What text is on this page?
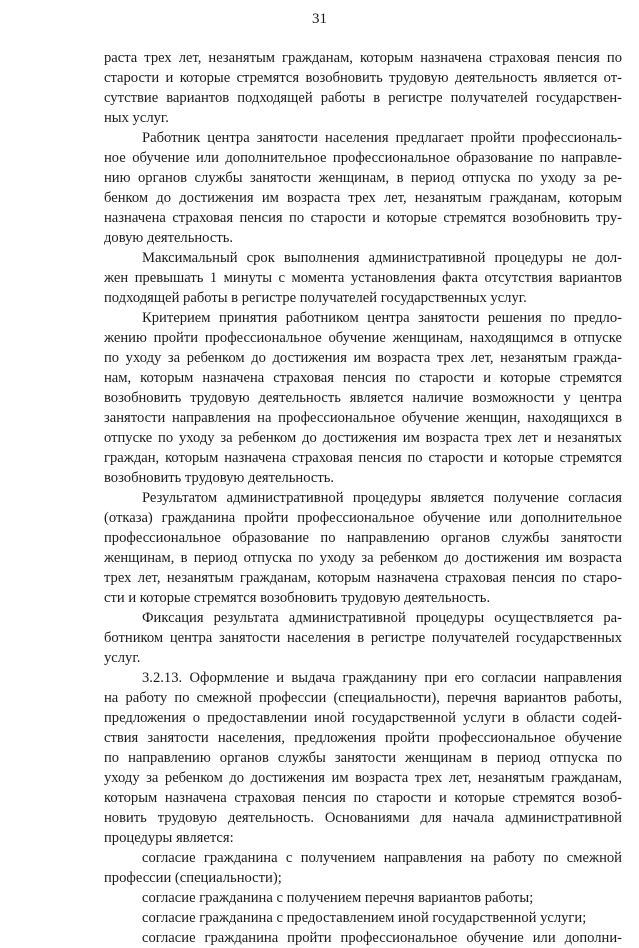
31
раста трех лет, незанятым гражданам, которым назначена страховая пенсия по
старости и которые стремятся возобновить трудовую деятельность является от-
сутствие вариантов подходящей работы в регистре получателей государствен-
ных услуг.
Работник центра занятости населения предлагает пройти профессиональ-
ное обучение или дополнительное профессиональное образование по направле-
нию органов службы занятости женщинам, в период отпуска по уходу за ре-
бенком до достижения им возраста трех лет, незанятым гражданам, которым
назначена страховая пенсия по старости и которые стремятся возобновить тру-
довую деятельность.
Максимальный срок выполнения административной процедуры не дол-
жен превышать 1 минуты с момента установления факта отсутствия вариантов
подходящей работы в регистре получателей государственных услуг.
Критерием принятия работником центра занятости решения по предло-
жению пройти профессиональное обучение женщинам, находящимся в отпуске
по уходу за ребенком до достижения им возраста трех лет, незанятым гражда-
нам, которым назначена страховая пенсия по старости и которые стремятся
возобновить трудовую деятельность является наличие возможности у центра
занятости направления на профессиональное обучение женщин, находящихся в
отпуске по уходу за ребенком до достижения им возраста трех лет и незанятых
граждан, которым назначена страховая пенсия по старости и которые стремятся
возобновить трудовую деятельность.
Результатом административной процедуры является получение согласия
(отказа) гражданина пройти профессиональное обучение или дополнительное
профессиональное образование по направлению органов службы занятости
женщинам, в период отпуска по уходу за ребенком до достижения им возраста
трех лет, незанятым гражданам, которым назначена страховая пенсия по старо-
сти и которые стремятся возобновить трудовую деятельность.
Фиксация результата административной процедуры осуществляется ра-
ботником центра занятости населения в регистре получателей государственных
услуг.
3.2.13. Оформление и выдача гражданину при его согласии направления
на работу по смежной профессии (специальности), перечня вариантов работы,
предложения о предоставлении иной государственной услуги в области содей-
ствия занятости населения, предложения пройти профессиональное обучение
по направлению органов службы занятости женщинам в период отпуска по
уходу за ребенком до достижения им возраста трех лет, незанятым гражданам,
которым назначена страховая пенсия по старости и которые стремятся возоб-
новить трудовую деятельность. Основаниями для начала административной
процедуры является:
согласие гражданина с получением направления на работу по смежной
профессии (специальности);
согласие гражданина с получением перечня вариантов работы;
согласие гражданина с предоставлением иной государственной услуги;
согласие гражданина пройти профессиональное обучение или дополни-
